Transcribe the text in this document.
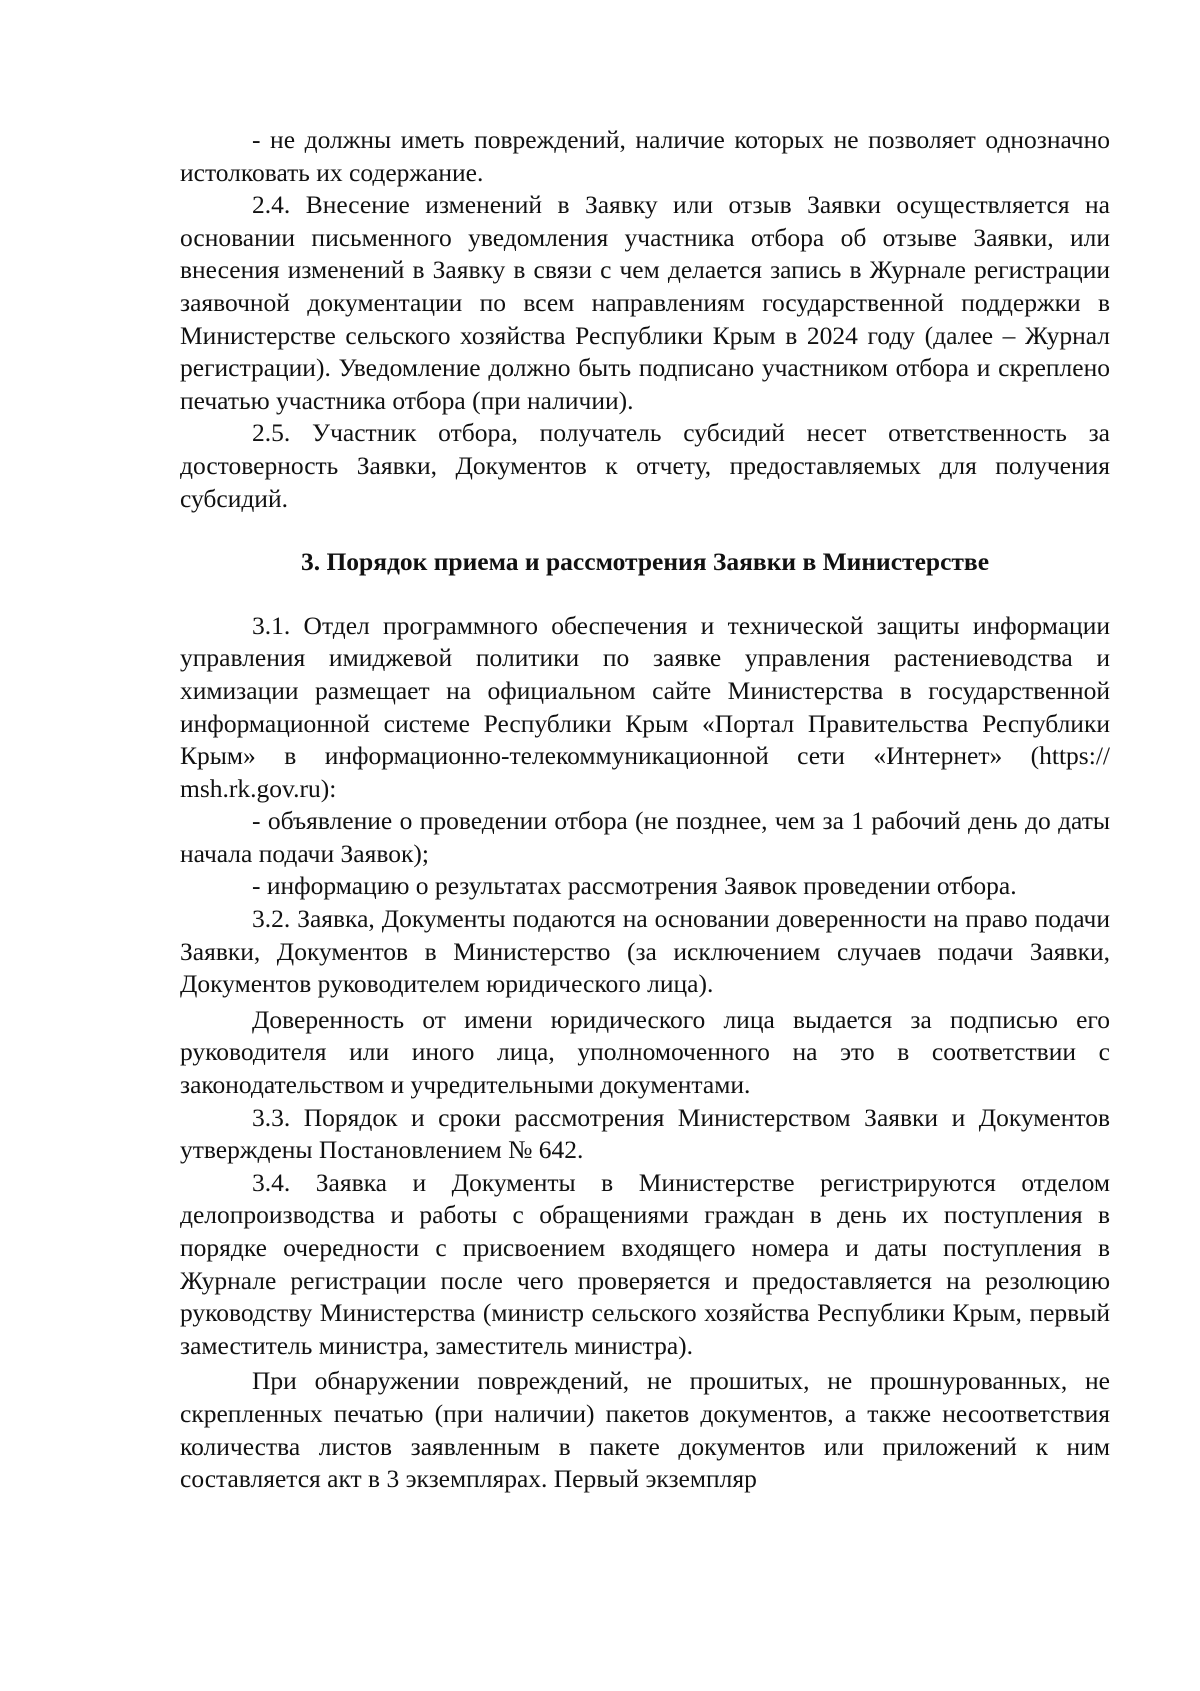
- не должны иметь повреждений, наличие которых не позволяет однозначно истолковать их содержание.

2.4. Внесение изменений в Заявку или отзыв Заявки осуществляется на основании письменного уведомления участника отбора об отзыве Заявки, или внесения изменений в Заявку в связи с чем делается запись в Журнале регистрации заявочной документации по всем направлениям государственной поддержки в Министерстве сельского хозяйства Республики Крым в 2024 году (далее – Журнал регистрации). Уведомление должно быть подписано участником отбора и скреплено печатью участника отбора (при наличии).

2.5. Участник отбора, получатель субсидий несет ответственность за достоверность Заявки, Документов к отчету, предоставляемых для получения субсидий.

3. Порядок приема и рассмотрения Заявки в Министерстве

3.1. Отдел программного обеспечения и технической защиты информации управления имиджевой политики по заявке управления растениеводства и химизации размещает на официальном сайте Министерства в государственной информационной системе Республики Крым «Портал Правительства Республики Крым» в информационно-телекоммуникационной сети «Интернет» (https:// msh.rk.gov.ru):

- объявление о проведении отбора (не позднее, чем за 1 рабочий день до даты начала подачи Заявок);

- информацию о результатах рассмотрения Заявок проведении отбора.

3.2. Заявка, Документы подаются на основании доверенности на право подачи Заявки, Документов в Министерство (за исключением случаев подачи Заявки, Документов руководителем юридического лица).

Доверенность от имени юридического лица выдается за подписью его руководителя или иного лица, уполномоченного на это в соответствии с законодательством и учредительными документами.

3.3. Порядок и сроки рассмотрения Министерством Заявки и Документов утверждены Постановлением № 642.

3.4. Заявка и Документы в Министерстве регистрируются отделом делопроизводства и работы с обращениями граждан в день их поступления в порядке очередности с присвоением входящего номера и даты поступления в Журнале регистрации после чего проверяется и предоставляется на резолюцию руководству Министерства (министр сельского хозяйства Республики Крым, первый заместитель министра, заместитель министра).

При обнаружении повреждений, не прошитых, не прошнурованных, не скрепленных печатью (при наличии) пакетов документов, а также несоответствия количества листов заявленным в пакете документов или приложений к ним составляется акт в 3 экземплярах. Первый экземпляр
